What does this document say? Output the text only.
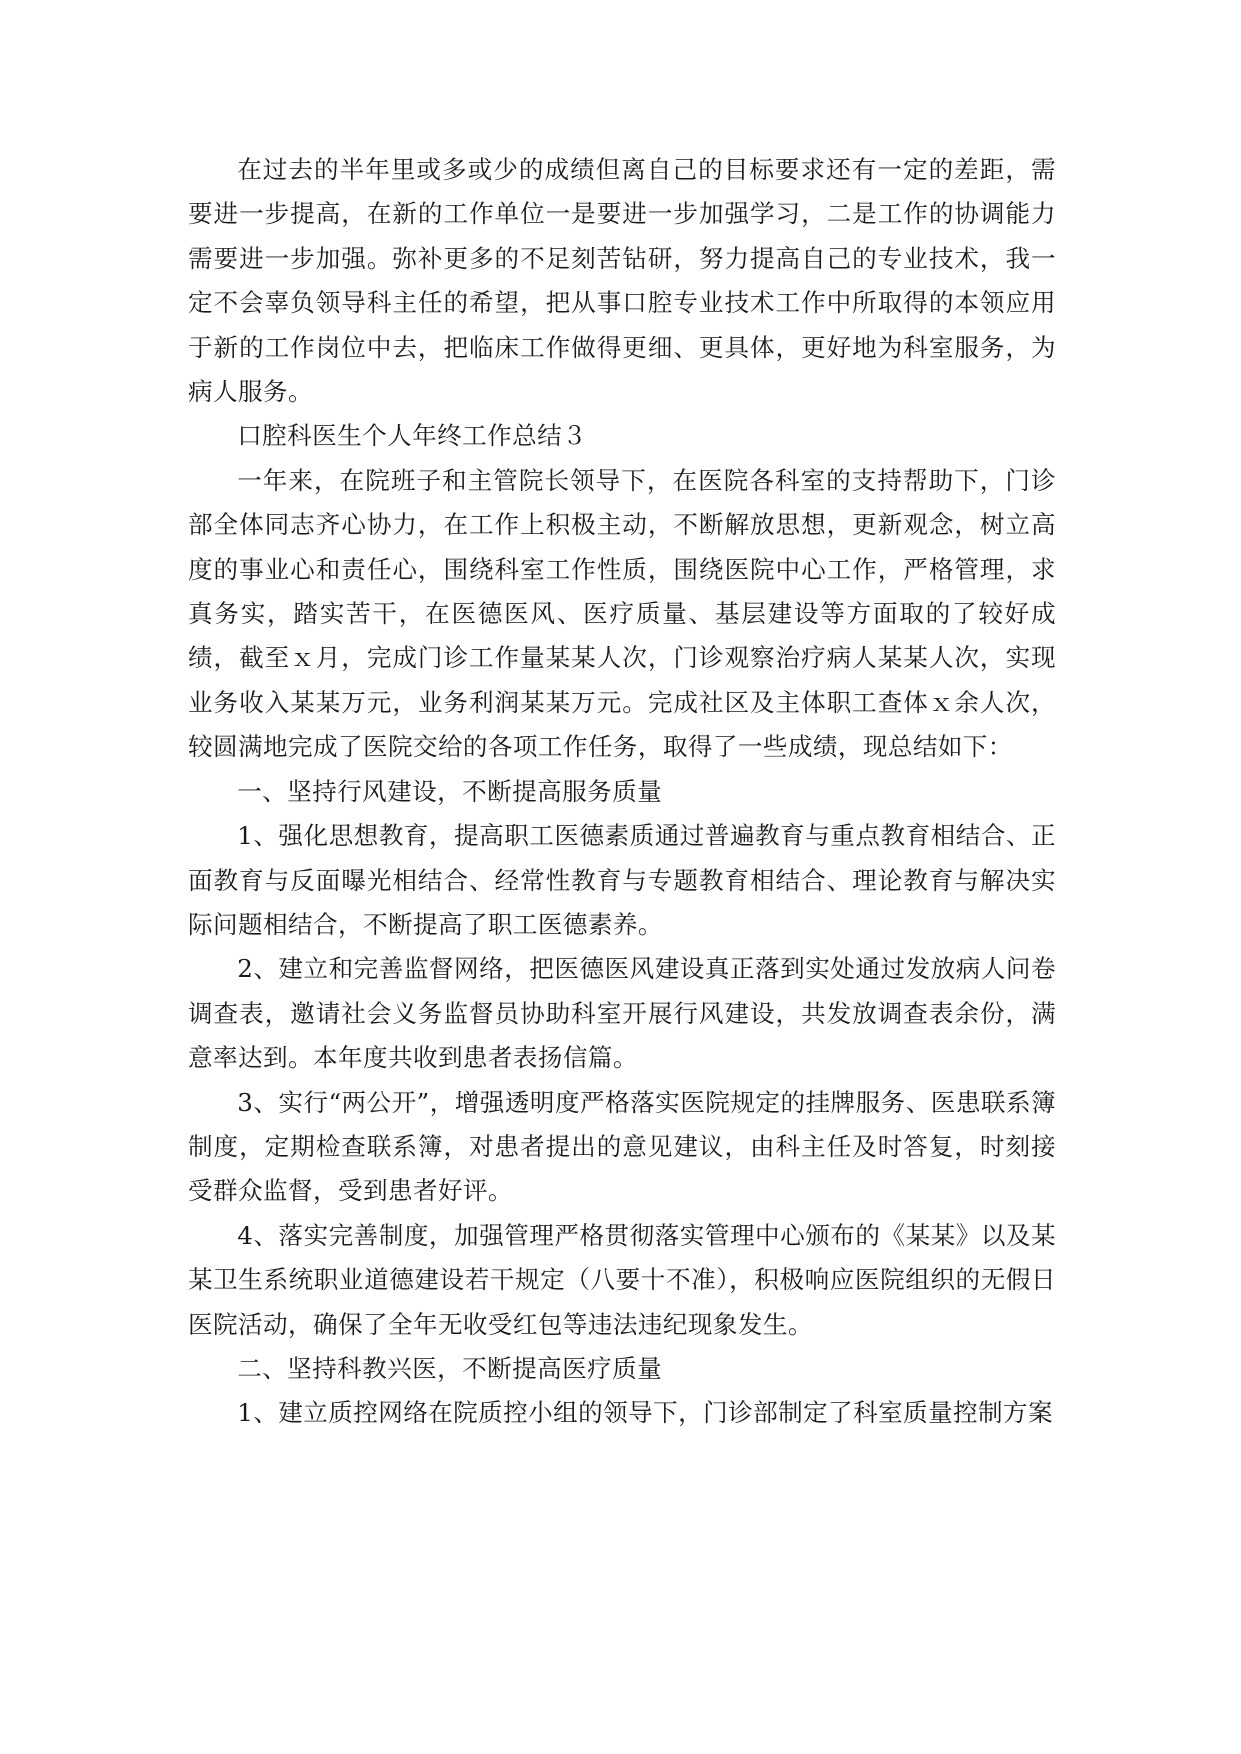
在过去的半年里或多或少的成绩但离自己的目标要求还有一定的差距，需要进一步提高，在新的工作单位一是要进一步加强学习，二是工作的协调能力需要进一步加强。弥补更多的不足刻苦钻研，努力提高自己的专业技术，我一定不会辜负领导科主任的希望，把从事口腔专业技术工作中所取得的本领应用于新的工作岗位中去，把临床工作做得更细、更具体，更好地为科室服务，为病人服务。

口腔科医生个人年终工作总结３

一年来，在院班子和主管院长领导下，在医院各科室的支持帮助下，门诊部全体同志齐心协力，在工作上积极主动，不断解放思想，更新观念，树立高度的事业心和责任心，围绕科室工作性质，围绕医院中心工作，严格管理，求真务实，踏实苦干，在医德医风、医疗质量、基层建设等方面取的了较好成绩，截至ｘ月，完成门诊工作量某某人次，门诊观察治疗病人某某人次，实现业务收入某某万元，业务利润某某万元。完成社区及主体职工查体ｘ余人次，较圆满地完成了医院交给的各项工作任务，取得了一些成绩，现总结如下：

一、坚持行风建设，不断提高服务质量

1、强化思想教育，提高职工医德素质通过普遍教育与重点教育相结合、正面教育与反面曝光相结合、经常性教育与专题教育相结合、理论教育与解决实际问题相结合，不断提高了职工医德素养。

2、建立和完善监督网络，把医德医风建设真正落到实处通过发放病人问卷调查表，邀请社会义务监督员协助科室开展行风建设，共发放调查表余份，满意率达到。本年度共收到患者表扬信篇。

3、实行“两公开”，增强透明度严格落实医院规定的挂牌服务、医患联系簿制度，定期检查联系簿，对患者提出的意见建议，由科主任及时答复，时刻接受群众监督，受到患者好评。

4、落实完善制度，加强管理严格贯彻落实管理中心颁布的《某某》以及某某卫生系统职业道德建设若干规定（八要十不准），积极响应医院组织的无假日医院活动，确保了全年无收受红包等违法违纪现象发生。

二、坚持科教兴医，不断提高医疗质量

1、建立质控网络在院质控小组的领导下，门诊部制定了科室质量控制方案
